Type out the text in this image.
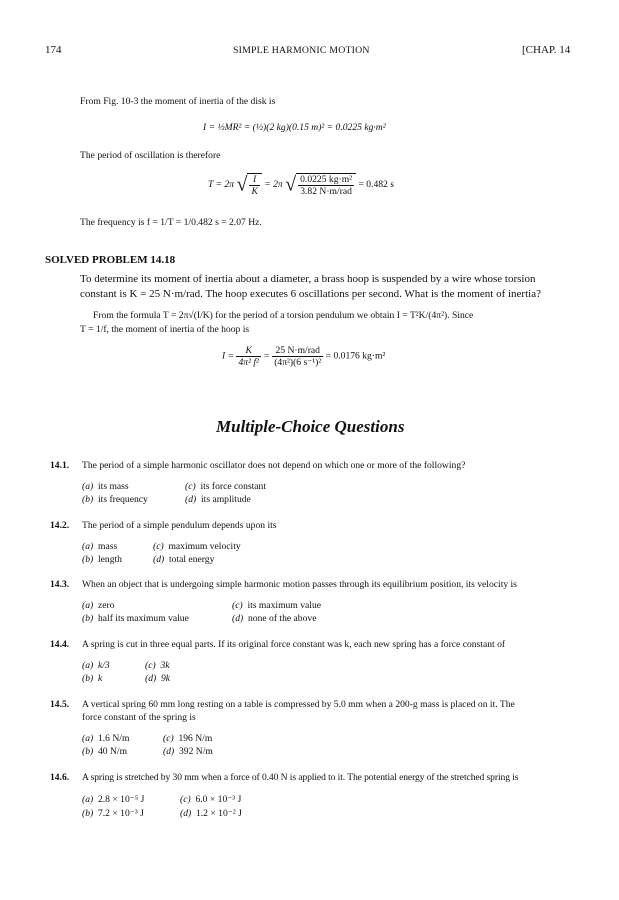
174	SIMPLE HARMONIC MOTION	[CHAP. 14
From Fig. 10-3 the moment of inertia of the disk is
I = ½MR² = (½)(2 kg)(0.15 m)² = 0.0225 kg·m²
The period of oscillation is therefore
T = 2π √ $\frac{I}{K} = 2\pi$ √ $\frac{\text{0.0225 kg·m²}}{\text{3.82 N·m/rad}} = 0.482$ s
The frequency is f = 1/T = 1/0.482 s = 2.07 Hz.
SOLVED PROBLEM 14.18
To determine its moment of inertia about a diameter, a brass hoop is suspended by a wire whose torsion
constant is K = 25 N·m/rad. The hoop executes 6 oscillations per second. What is the moment of inertia?
From the formula T = 2π√(I/K) for the period of a torsion pendulum we obtain I = T²K/(4π²). Since
T = 1/f, the moment of inertia of the hoop is
$I = \frac{K}{\text{4π² f²}} = \frac{\text{25 N·m/rad}}{\text{(4π²)(6 s⁻¹)²}} = 0.0176$ kg·m²
Multiple-Choice Questions
14.1. The period of a simple harmonic oscillator does not depend on which one or more of the following?
(a) its mass
(b) its frequency
(c) its force constant
(d) its amplitude
14.2. The period of a simple pendulum depends upon its
(a) mass
(b) length
(c) maximum velocity
(d) total energy
14.3. When an object that is undergoing simple harmonic motion passes through its equilibrium position, its velocity is
(a) zero
(b) half its maximum value
(c) its maximum value
(d) none of the above
14.4. A spring is cut in three equal parts. If its original force constant was k, each new spring has a force constant of
(a) k/3
(b) k
(c) 3k
(d) 9k
14.5. A vertical spring 60 mm long resting on a table is compressed by 5.0 mm when a 200-g mass is placed on it. The
force constant of the spring is
(a) 1.6 N/m
(b) 40 N/m
(c) 196 N/m
(d) 392 N/m
14.6. A spring is stretched by 30 mm when a force of 0.40 N is applied to it. The potential energy of the stretched spring is
(a) 2.8 × 10⁻⁵ J
(b) 7.2 × 10⁻³ J
(c) 6.0 × 10⁻³ J
(d) 1.2 × 10⁻² J
